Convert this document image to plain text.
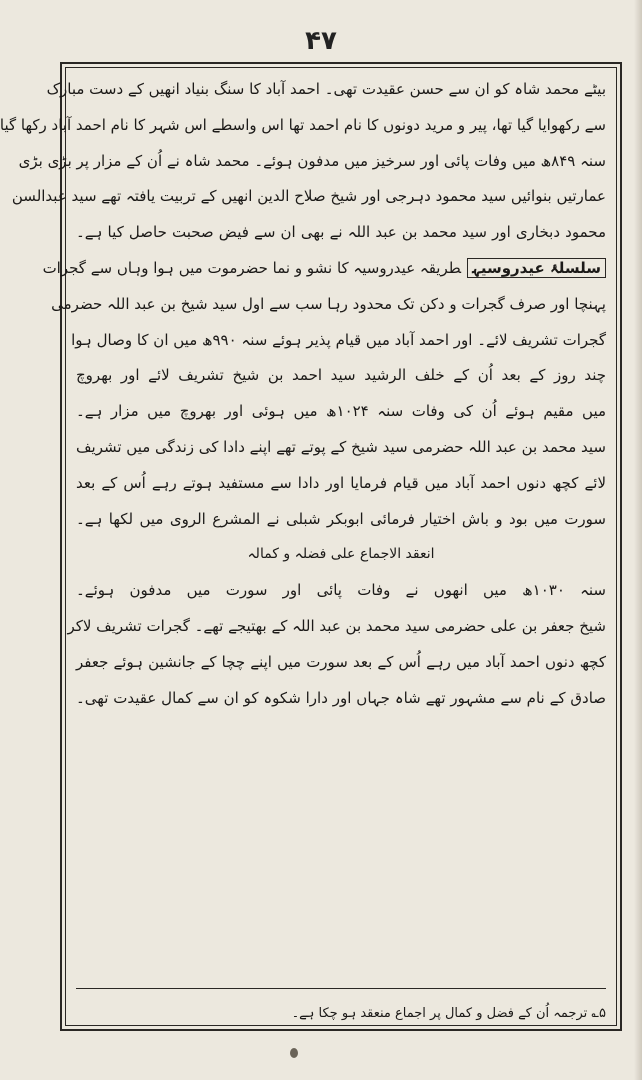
۴۷
بیٹے محمد شاہ کو ان سے حسن عقیدت تھی۔ احمد آباد کا سنگ بنیاد انھیں کے دست مبارک
سے رکھوایا گیا تھا، پیر و مرید دونوں کا نام احمد تھا اس واسطے اس شہر کا نام احمد آباد رکھا گیا
سنہ ۸۴۹ھ میں وفات پائی اور سرخیز میں مدفون ہوئے۔ محمد شاہ نے اُن کے مزار پر بڑی بڑی
عمارتیں بنوائیں سید محمود دہرجی اور شیخ صلاح الدین انھیں کے تربیت یافتہ تھے سید عبدالسن
محمود دبخاری اور سید محمد بن عبد اللہ نے بھی ان سے فیض صحبت حاصل کیا ہے۔
سلسلۂ عیدروسیہطریقہ عیدروسیہ کا نشو و نما حضرموت میں ہوا وہاں سے گجرات
پہنچا اور صرف گجرات و دکن تک محدود رہا سب سے اول سید شیخ بن عبد اللہ حضرمی
گجرات تشریف لائے۔ اور احمد آباد میں قیام پذیر ہوئے سنہ ۹۹۰ھ میں ان کا وصال ہوا
چند روز کے بعد اُن کے خلف الرشید سید احمد بن شیخ تشریف لائے اور بھروچ
میں مقیم ہوئے اُن کی وفات سنہ ۱۰۲۴ھ میں ہوئی اور بھروچ میں مزار ہے۔
سید محمد بن عبد اللہ حضرمی سید شیخ کے پوتے تھے اپنے دادا کی زندگی میں تشریف
لائے کچھ دنوں احمد آباد میں قیام فرمایا اور دادا سے مستفید ہوتے رہے اُس کے بعد
سورت میں بود و باش اختیار فرمائی ابوبکر شبلی نے المشرع الروی میں لکھا ہے۔
انعقد الاجماع علی فضلہ و کمالہ
سنہ ۱۰۳۰ھ میں انھوں نے وفات پائی اور سورت میں مدفون ہوئے۔
شیخ جعفر بن علی حضرمی سید محمد بن عبد اللہ کے بھتیجے تھے۔ گجرات تشریف لاکر
کچھ دنوں احمد آباد میں رہے اُس کے بعد سورت میں اپنے چچا کے جانشین ہوئے جعفر
صادق کے نام سے مشہور تھے شاہ جہاں اور دارا شکوہ کو ان سے کمال عقیدت تھی۔
۵؎ ترجمہ اُن کے فضل و کمال پر اجماع منعقد ہو چکا ہے۔
